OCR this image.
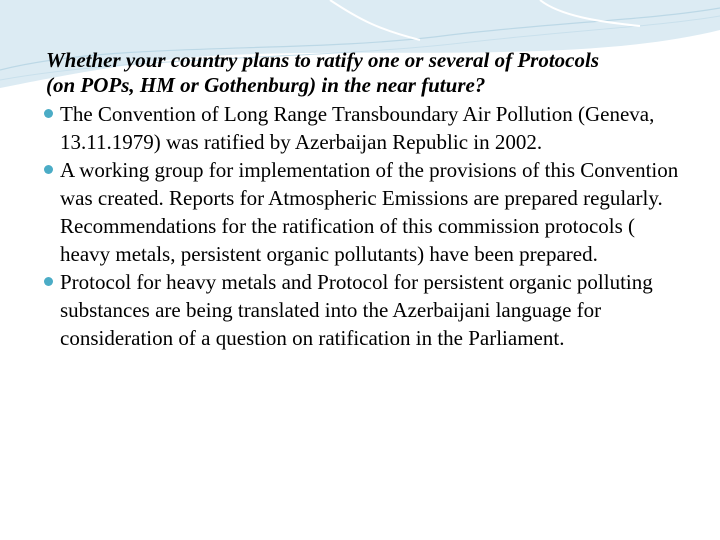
Whether your country plans to ratify one or several of Protocols
(on POPs, HM or Gothenburg) in the near future?
The Convention of Long Range Transboundary Air Pollution (Geneva, 13.11.1979) was ratified by Azerbaijan Republic in 2002.
A working group for implementation of the provisions of this Convention was created. Reports for Atmospheric Emissions are prepared regularly. Recommendations for the ratification of this commission protocols ( heavy metals, persistent organic pollutants) have been prepared.
Protocol for heavy metals and Protocol for persistent organic polluting substances are being translated into the Azerbaijani language for consideration of a question on ratification in the Parliament.
